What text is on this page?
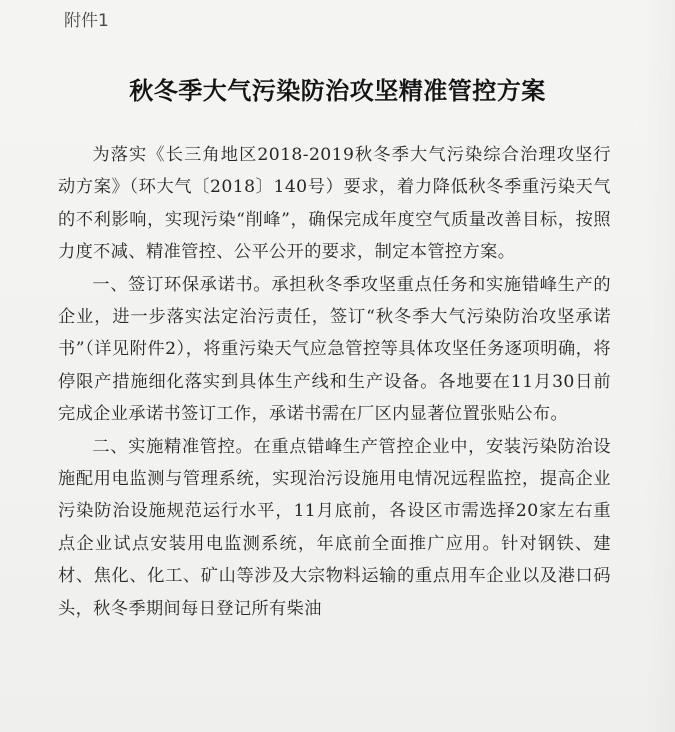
附件1

秋冬季大气污染防治攻坚精准管控方案

为落实《长三角地区2018-2019秋冬季大气污染综合治理攻坚行动方案》（环大气〔2018〕140号）要求，着力降低秋冬季重污染天气的不利影响，实现污染“削峰”，确保完成年度空气质量改善目标，按照力度不减、精准管控、公平公开的要求，制定本管控方案。

一、签订环保承诺书。承担秋冬季攻坚重点任务和实施错峰生产的企业，进一步落实法定治污责任，签订“秋冬季大气污染防治攻坚承诺书”（详见附件2），将重污染天气应急管控等具体攻坚任务逐项明确，将停限产措施细化落实到具体生产线和生产设备。各地要在11月30日前完成企业承诺书签订工作，承诺书需在厂区内显著位置张贴公布。

二、实施精准管控。在重点错峰生产管控企业中，安装污染防治设施配用电监测与管理系统，实现治污设施用电情况远程监控，提高企业污染防治设施规范运行水平，11月底前，各设区市需选择20家左右重点企业试点安装用电监测系统，年底前全面推广应用。针对钢铁、建材、焦化、化工、矿山等涉及大宗物料运输的重点用车企业以及港口码头，秋冬季期间每日登记所有柴油
